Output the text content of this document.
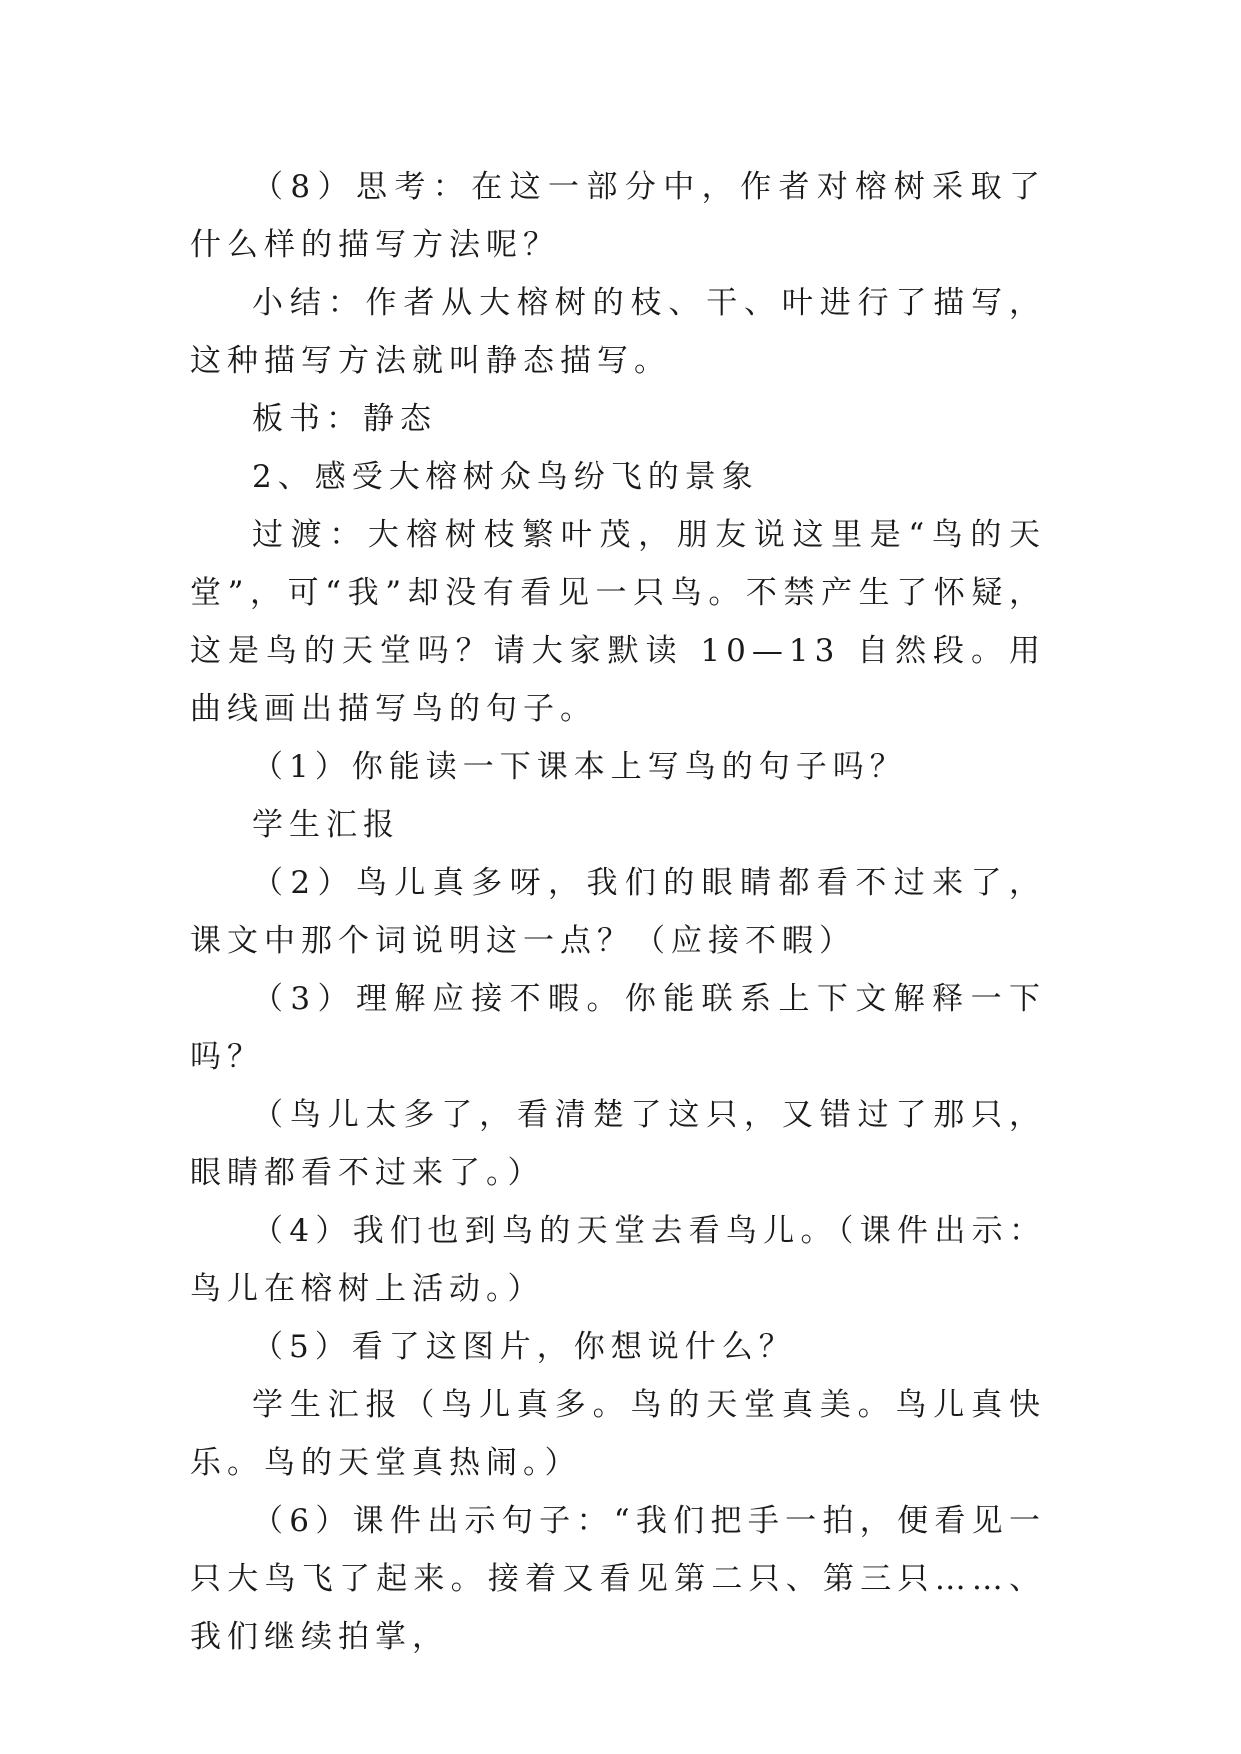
（8）思考：在这一部分中，作者对榕树采取了什么样的描写方法呢？

小结：作者从大榕树的枝、干、叶进行了描写，这种描写方法就叫静态描写。

板书：静态

2、感受大榕树众鸟纷飞的景象

过渡：大榕树枝繁叶茂，朋友说这里是“鸟的天堂”，可“我”却没有看见一只鸟。不禁产生了怀疑，这是鸟的天堂吗？请大家默读 10—13 自然段。用曲线画出描写鸟的句子。

（1）你能读一下课本上写鸟的句子吗？

学生汇报

（2）鸟儿真多呀，我们的眼睛都看不过来了，课文中那个词说明这一点？（应接不暇）

（3）理解应接不暇。你能联系上下文解释一下吗？

（鸟儿太多了，看清楚了这只，又错过了那只，眼睛都看不过来了。）

（4）我们也到鸟的天堂去看鸟儿。（课件出示：鸟儿在榕树上活动。）

（5）看了这图片，你想说什么？

学生汇报（鸟儿真多。鸟的天堂真美。鸟儿真快乐。鸟的天堂真热闹。）

（6）课件出示句子：“我们把手一拍，便看见一只大鸟飞了起来。接着又看见第二只、第三只……、我们继续拍掌，
